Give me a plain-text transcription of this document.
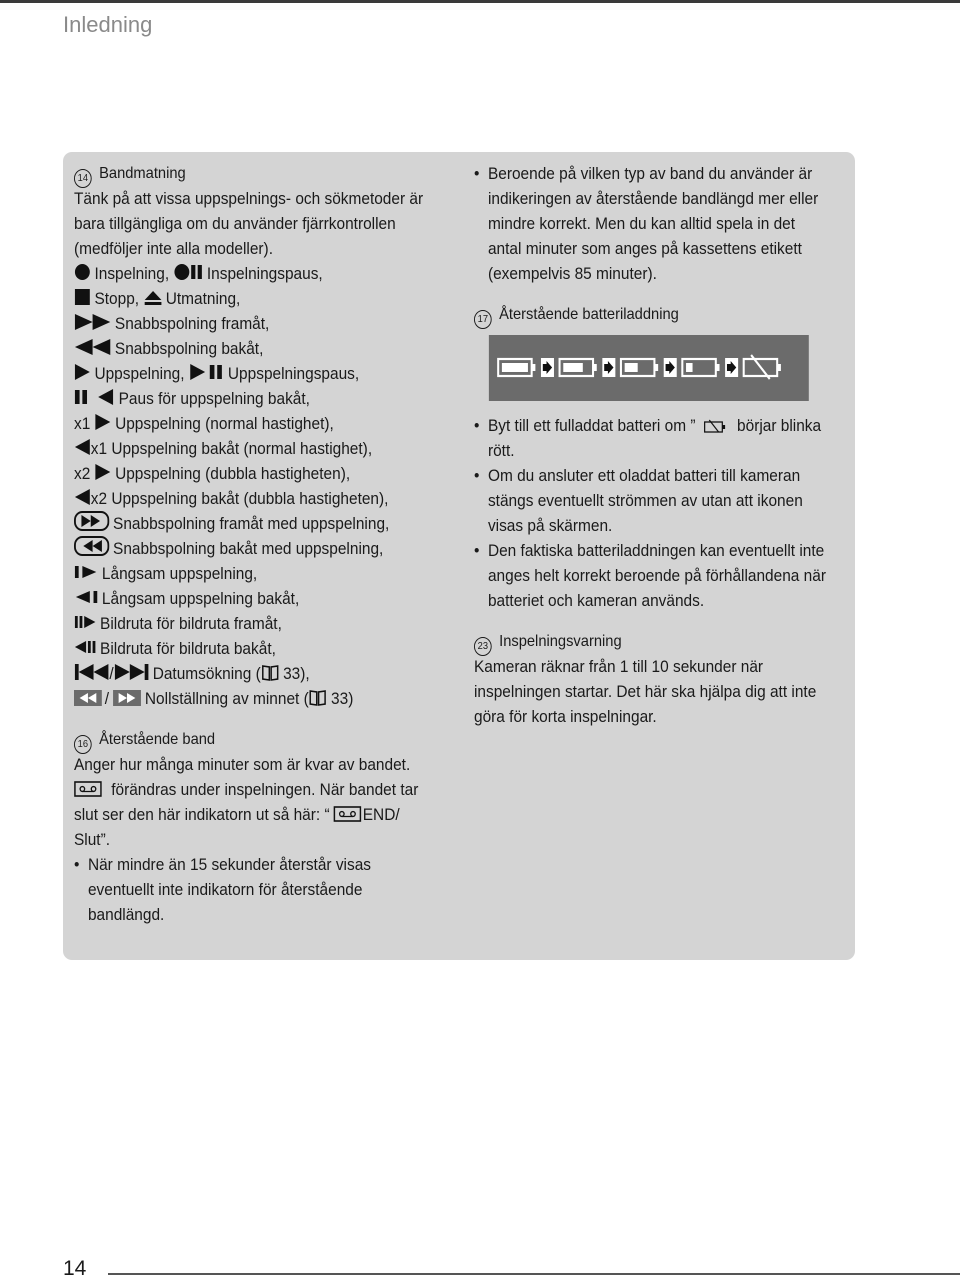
Inledning
14 Bandmatning
Tänk på att vissa uppspelnings- och sökmetoder är
bara tillgängliga om du använder fjärrkontrollen
(medföljer inte alla modeller).
Inspelning, Inspelningspaus,
Stopp, Utmatning,
Snabbspolning framåt,
Snabbspolning bakåt,
Uppspelning,	Uppspelningspaus,
Paus för uppspelning bakåt,
x1 Uppspelning (normal hastighet),
x1 Uppspelning bakåt (normal hastighet),
x2 Uppspelning (dubbla hastigheten),
x2 Uppspelning bakåt (dubbla hastigheten),
Snabbspolning framåt med uppspelning,
Snabbspolning bakåt med uppspelning,
Långsam uppspelning,
Långsam uppspelning bakåt,
Bildruta för bildruta framåt,
Bildruta för bildruta bakåt,
/ Datumsökning ( 33),
/ Nollställning av minnet ( 33)
16 Återstående band
Anger hur många minuter som är kvar av bandet.
förändras under inspelningen. När bandet tar
slut ser den här indikatorn ut så här: “ END/
Slut”.
• När mindre än 15 sekunder återstår visas
eventuellt inte indikatorn för återstående
bandlängd.
• Beroende på vilken typ av band du använder är
indikeringen av återstående bandlängd mer eller
mindre korrekt. Men du kan alltid spela in det
antal minuter som anges på kassettens etikett
(exempelvis 85 minuter).
17 Återstående batteriladdning
• Byt till ett fulladdat batteri om ”	börjar blinka
rött.
• Om du ansluter ett oladdat batteri till kameran
stängs eventuellt strömmen av utan att ikonen
visas på skärmen.
• Den faktiska batteriladdningen kan eventuellt inte
anges helt korrekt beroende på förhållandena när
batteriet och kameran används.
23 Inspelningsvarning
Kameran räknar från 1 till 10 sekunder när
inspelningen startar. Det här ska hjälpa dig att inte
göra för korta inspelningar.
14
